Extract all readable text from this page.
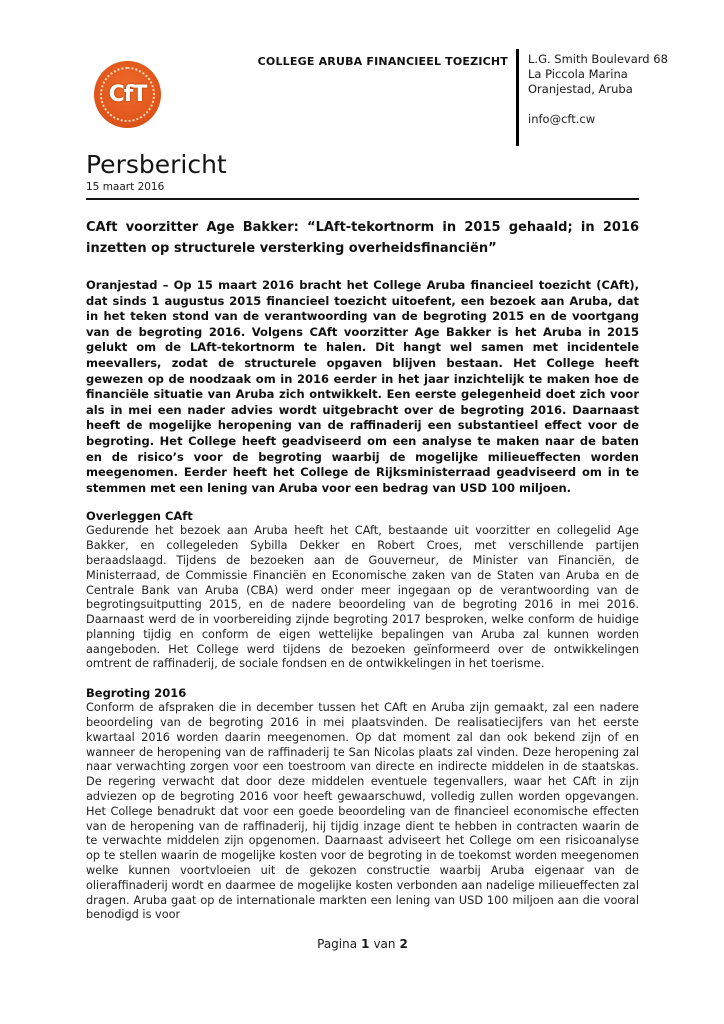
CfT
COLLEGE ARUBA FINANCIEEL TOEZICHT L.G. Smith Boulevard 68
La Piccola Marina
Oranjestad, Aruba
info@cft.cw
Persbericht
15 maart 2016
CAft voorzitter Age Bakker: “LAft-tekortnorm in 2015 gehaald; in 2016 inzetten op structurele versterking overheidsfinanciën”

Oranjestad – Op 15 maart 2016 bracht het College Aruba financieel toezicht (CAft), dat sinds 1 augustus 2015 financieel toezicht uitoefent, een bezoek aan Aruba, dat in het teken stond van de verantwoording van de begroting 2015 en de voortgang van de begroting 2016. Volgens CAft voorzitter Age Bakker is het Aruba in 2015 gelukt om de LAft-tekortnorm te halen. Dit hangt wel samen met incidentele meevallers, zodat de structurele opgaven blijven bestaan. Het College heeft gewezen op de noodzaak om in 2016 eerder in het jaar inzichtelijk te maken hoe de financiële situatie van Aruba zich ontwikkelt. Een eerste gelegenheid doet zich voor als in mei een nader advies wordt uitgebracht over de begroting 2016. Daarnaast heeft de mogelijke heropening van de raffinaderij een substantieel effect voor de begroting. Het College heeft geadviseerd om een analyse te maken naar de baten en de risico’s voor de begroting waarbij de mogelijke milieueffecten worden meegenomen. Eerder heeft het College de Rijksministerraad geadviseerd om in te stemmen met een lening van Aruba voor een bedrag van USD 100 miljoen.

Overleggen CAft

Gedurende het bezoek aan Aruba heeft het CAft, bestaande uit voorzitter en collegelid Age Bakker, en collegeleden Sybilla Dekker en Robert Croes, met verschillende partijen beraadslaagd. Tijdens de bezoeken aan de Gouverneur, de Minister van Financiën, de Ministerraad, de Commissie Financiën en Economische zaken van de Staten van Aruba en de Centrale Bank van Aruba (CBA) werd onder meer ingegaan op de verantwoording van de begrotingsuitputting 2015, en de nadere beoordeling van de begroting 2016 in mei 2016. Daarnaast werd de in voorbereiding zijnde begroting 2017 besproken, welke conform de huidige planning tijdig en conform de eigen wettelijke bepalingen van Aruba zal kunnen worden aangeboden. Het College werd tijdens de bezoeken geïnformeerd over de ontwikkelingen omtrent de raffinaderij, de sociale fondsen en de ontwikkelingen in het toerisme.

Begroting 2016

Conform de afspraken die in december tussen het CAft en Aruba zijn gemaakt, zal een nadere beoordeling van de begroting 2016 in mei plaatsvinden. De realisatiecijfers van het eerste kwartaal 2016 worden daarin meegenomen. Op dat moment zal dan ook bekend zijn of en wanneer de heropening van de raffinaderij te San Nicolas plaats zal vinden. Deze heropening zal naar verwachting zorgen voor een toestroom van directe en indirecte middelen in de staatskas. De regering verwacht dat door deze middelen eventuele tegenvallers, waar het CAft in zijn adviezen op de begroting 2016 voor heeft gewaarschuwd, volledig zullen worden opgevangen. Het College benadrukt dat voor een goede beoordeling van de financieel economische effecten van de heropening van de raffinaderij, hij tijdig inzage dient te hebben in contracten waarin de te verwachte middelen zijn opgenomen. Daarnaast adviseert het College om een risicoanalyse op te stellen waarin de mogelijke kosten voor de begroting in de toekomst worden meegenomen welke kunnen voortvloeien uit de gekozen constructie waarbij Aruba eigenaar van de olieraffinaderij wordt en daarmee de mogelijke kosten verbonden aan nadelige milieueffecten zal dragen. Aruba gaat op de internationale markten een lening van USD 100 miljoen aan die vooral benodigd is voor

Pagina 1 van 2
